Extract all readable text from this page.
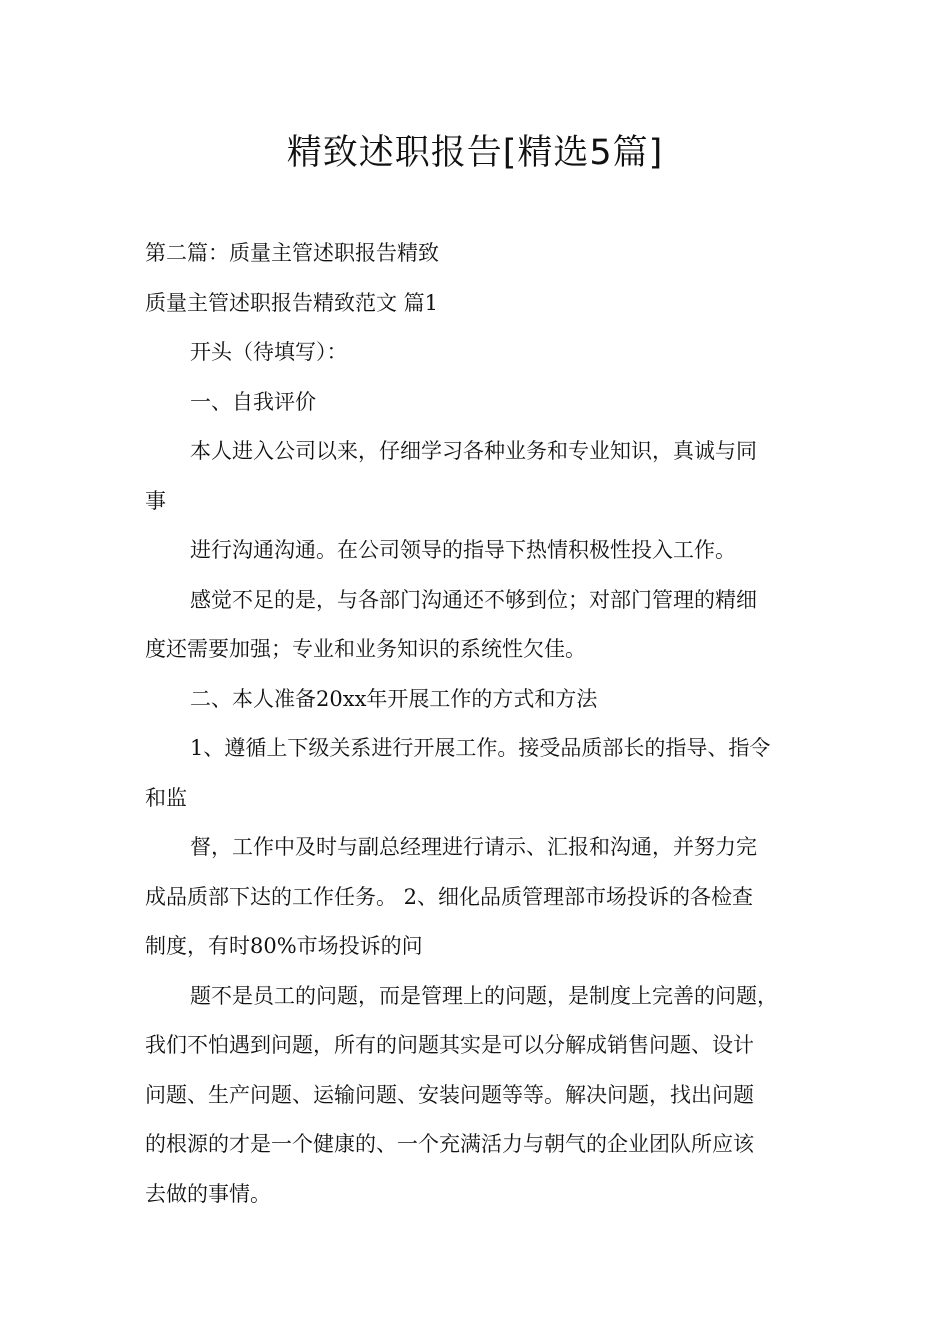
精致述职报告[精选5篇]
第二篇：质量主管述职报告精致
质量主管述职报告精致范文 篇1
开头（待填写）：
一、自我评价
本人进入公司以来，仔细学习各种业务和专业知识，真诚与同
事
进行沟通沟通。在公司领导的指导下热情积极性投入工作。
感觉不足的是，与各部门沟通还不够到位；对部门管理的精细
度还需要加强；专业和业务知识的系统性欠佳。
二、本人准备20xx年开展工作的方式和方法
1、遵循上下级关系进行开展工作。接受品质部长的指导、指令
和监
督，工作中及时与副总经理进行请示、汇报和沟通，并努力完
成品质部下达的工作任务。 2、细化品质管理部市场投诉的各检查
制度，有时80%市场投诉的问
题不是员工的问题，而是管理上的问题，是制度上完善的问题，
我们不怕遇到问题，所有的问题其实是可以分解成销售问题、设计
问题、生产问题、运输问题、安装问题等等。解决问题，找出问题
的根源的才是一个健康的、一个充满活力与朝气的企业团队所应该
去做的事情。
